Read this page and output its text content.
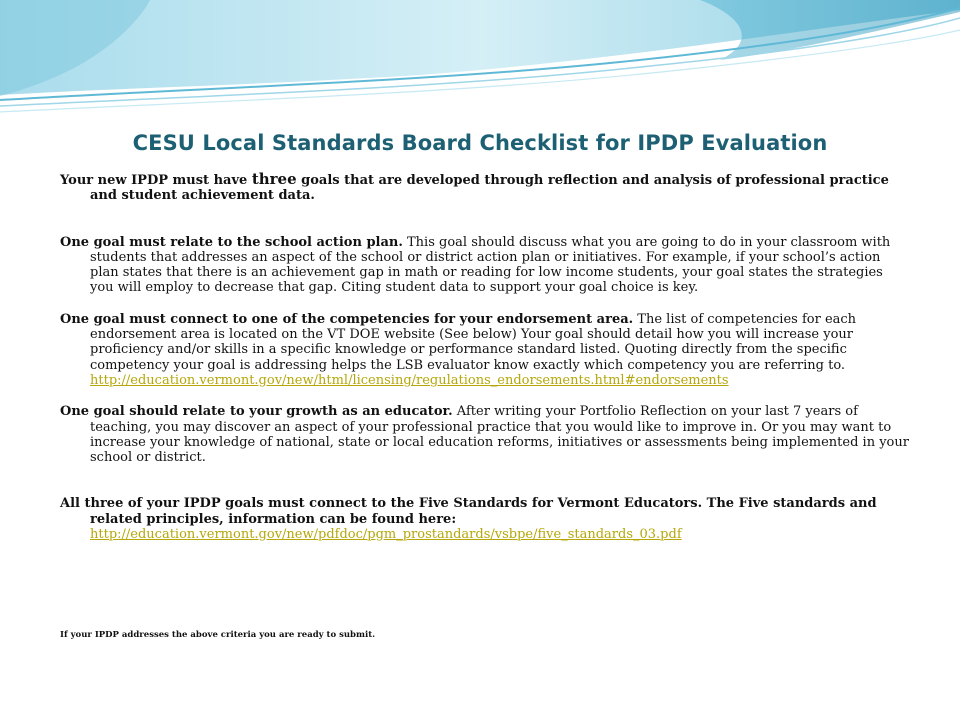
CESU Local Standards Board Checklist for IPDP Evaluation

Your new IPDP must have three goals that are developed through reflection and analysis of professional practice and student achievement data.

One goal must relate to the school action plan. This goal should discuss what you are going to do in your classroom with students that addresses an aspect of the school or district action plan or initiatives. For example, if your school’s action plan states that there is an achievement gap in math or reading for low income students, your goal states the strategies you will employ to decrease that gap. Citing student data to support your goal choice is key.

One goal must connect to one of the competencies for your endorsement area. The list of competencies for each endorsement area is located on the VT DOE website (See below) Your goal should detail how you will increase your proficiency and/or skills in a specific knowledge or performance standard listed. Quoting directly from the specific competency your goal is addressing helps the LSB evaluator know exactly which competency you are referring to.
http://education.vermont.gov/new/html/licensing/regulations_endorsements.html#endorsements

One goal should relate to your growth as an educator. After writing your Portfolio Reflection on your last 7 years of teaching, you may discover an aspect of your professional practice that you would like to improve in. Or you may want to increase your knowledge of national, state or local education reforms, initiatives or assessments being implemented in your school or district.

All three of your IPDP goals must connect to the Five Standards for Vermont Educators. The Five standards and related principles, information can be found here:
http://education.vermont.gov/new/pdfdoc/pgm_prostandards/vsbpe/five_standards_03.pdf

If your IPDP addresses the above criteria you are ready to submit.
